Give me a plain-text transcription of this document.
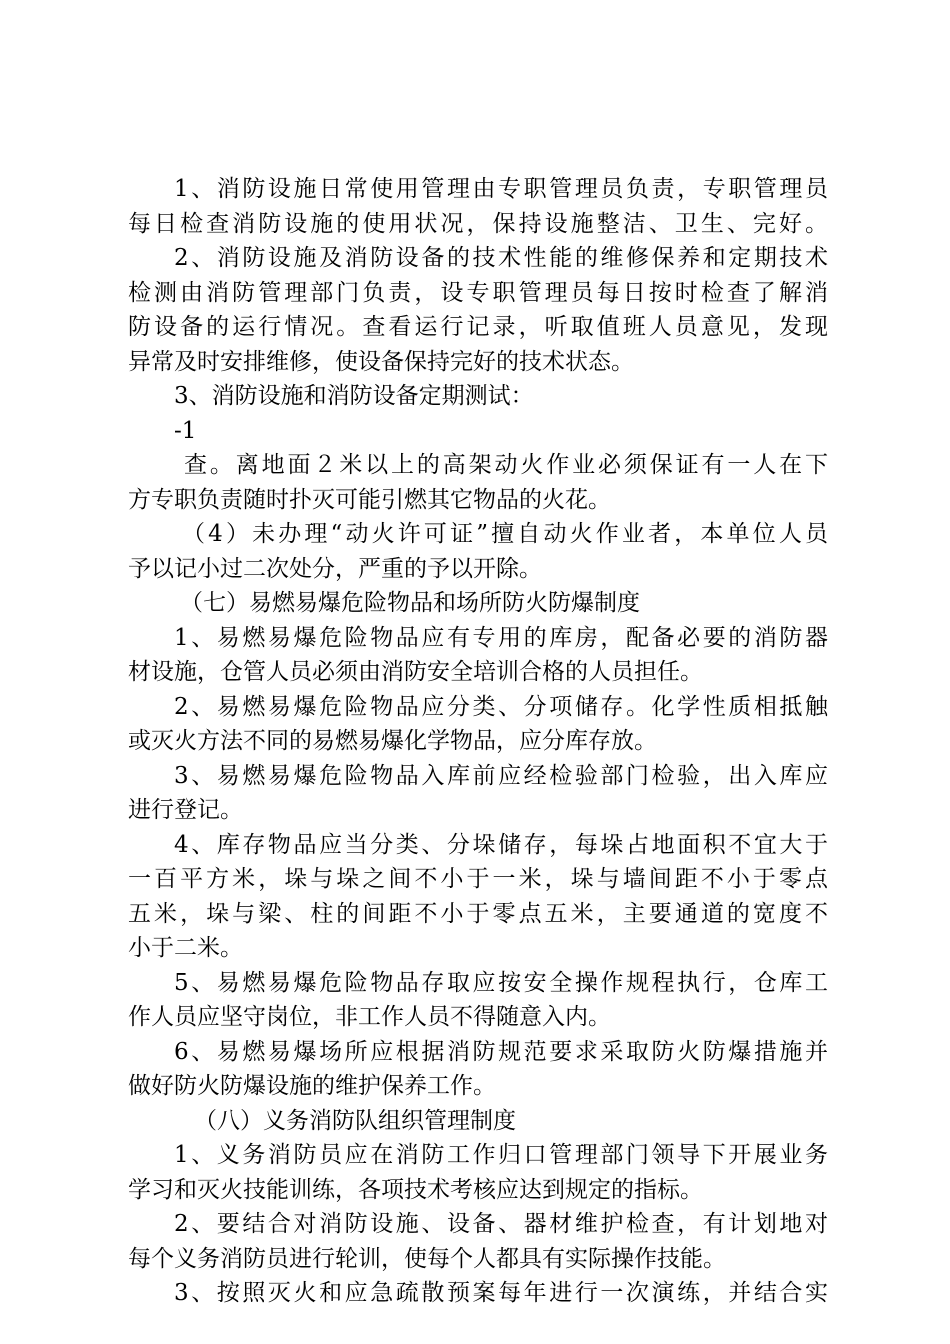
1、消防设施日常使用管理由专职管理员负责，专职管理员
每日检查消防设施的使用状况，保持设施整洁、卫生、完好。
2、消防设施及消防设备的技术性能的维修保养和定期技术
检测由消防管理部门负责，设专职管理员每日按时检查了解消
防设备的运行情况。查看运行记录，听取值班人员意见，发现
异常及时安排维修，使设备保持完好的技术状态。
3、消防设施和消防设备定期测试：
-1
查。离地面２米以上的高架动火作业必须保证有一人在下
方专职负责随时扑灭可能引燃其它物品的火花。
（4）未办理“动火许可证”擅自动火作业者，本单位人员
予以记小过二次处分，严重的予以开除。
（七）易燃易爆危险物品和场所防火防爆制度
1、易燃易爆危险物品应有专用的库房，配备必要的消防器
材设施，仓管人员必须由消防安全培训合格的人员担任。
2、易燃易爆危险物品应分类、分项储存。化学性质相抵触
或灭火方法不同的易燃易爆化学物品，应分库存放。
3、易燃易爆危险物品入库前应经检验部门检验，出入库应
进行登记。
4、库存物品应当分类、分垛储存，每垛占地面积不宜大于
一百平方米，垛与垛之间不小于一米，垛与墙间距不小于零点
五米，垛与梁、柱的间距不小于零点五米，主要通道的宽度不
小于二米。
5、易燃易爆危险物品存取应按安全操作规程执行，仓库工
作人员应坚守岗位，非工作人员不得随意入内。
6、易燃易爆场所应根据消防规范要求采取防火防爆措施并
做好防火防爆设施的维护保养工作。
（八）义务消防队组织管理制度
1、义务消防员应在消防工作归口管理部门领导下开展业务
学习和灭火技能训练，各项技术考核应达到规定的指标。
2、要结合对消防设施、设备、器材维护检查，有计划地对
每个义务消防员进行轮训，使每个人都具有实际操作技能。
3、按照灭火和应急疏散预案每年进行一次演练，并结合实
